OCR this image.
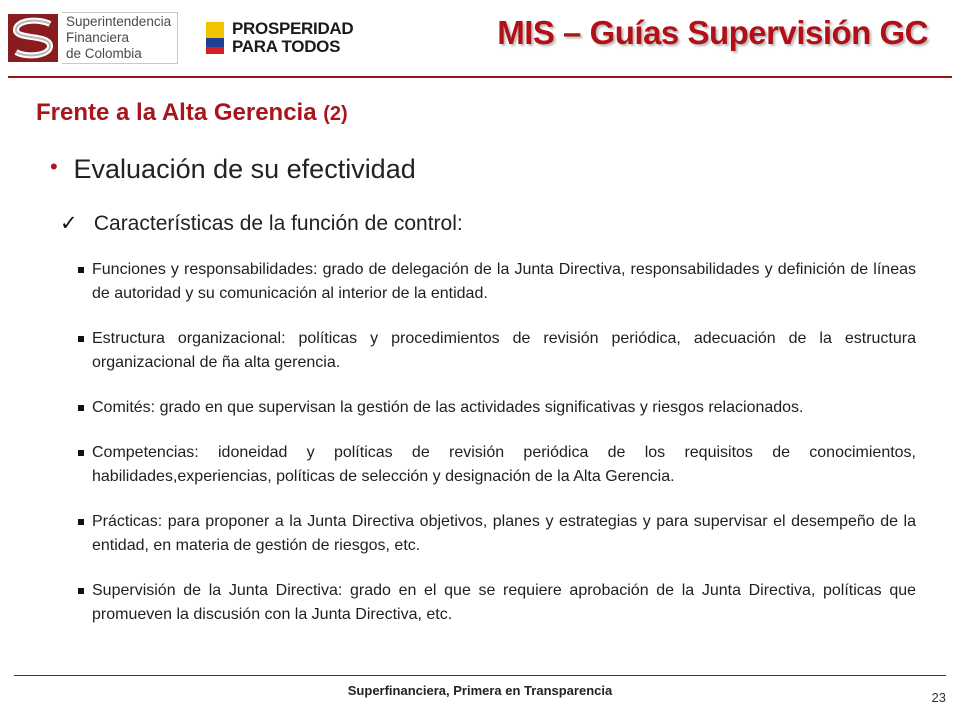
Superintendencia
Financiera
de Colombia
PROSPERIDAD
PARA TODOS	MIS – Guías Supervisión GC
Frente a la Alta Gerencia (2)
• Evaluación de su efectividad
✓ Características de la función de control:
Funciones y responsabilidades: grado de delegación de la Junta Directiva, responsabilidades y definición de líneas de autoridad y su comunicación al interior de la entidad.
Estructura organizacional: políticas y procedimientos de revisión periódica, adecuación de la estructura organizacional de ña alta gerencia.
Comités: grado en que supervisan la gestión de las actividades significativas y riesgos relacionados.
Competencias: idoneidad y políticas de revisión periódica de los requisitos de conocimientos, habilidades,experiencias, políticas de selección y designación de la Alta Gerencia.
Prácticas: para proponer a la Junta Directiva objetivos, planes y estrategias y para supervisar el desempeño de la entidad, en materia de gestión de riesgos, etc.
Supervisión de la Junta Directiva: grado en el que se requiere aprobación de la Junta Directiva, políticas que promueven la discusión con la Junta Directiva, etc.
Superfinanciera, Primera en Transparencia	23
